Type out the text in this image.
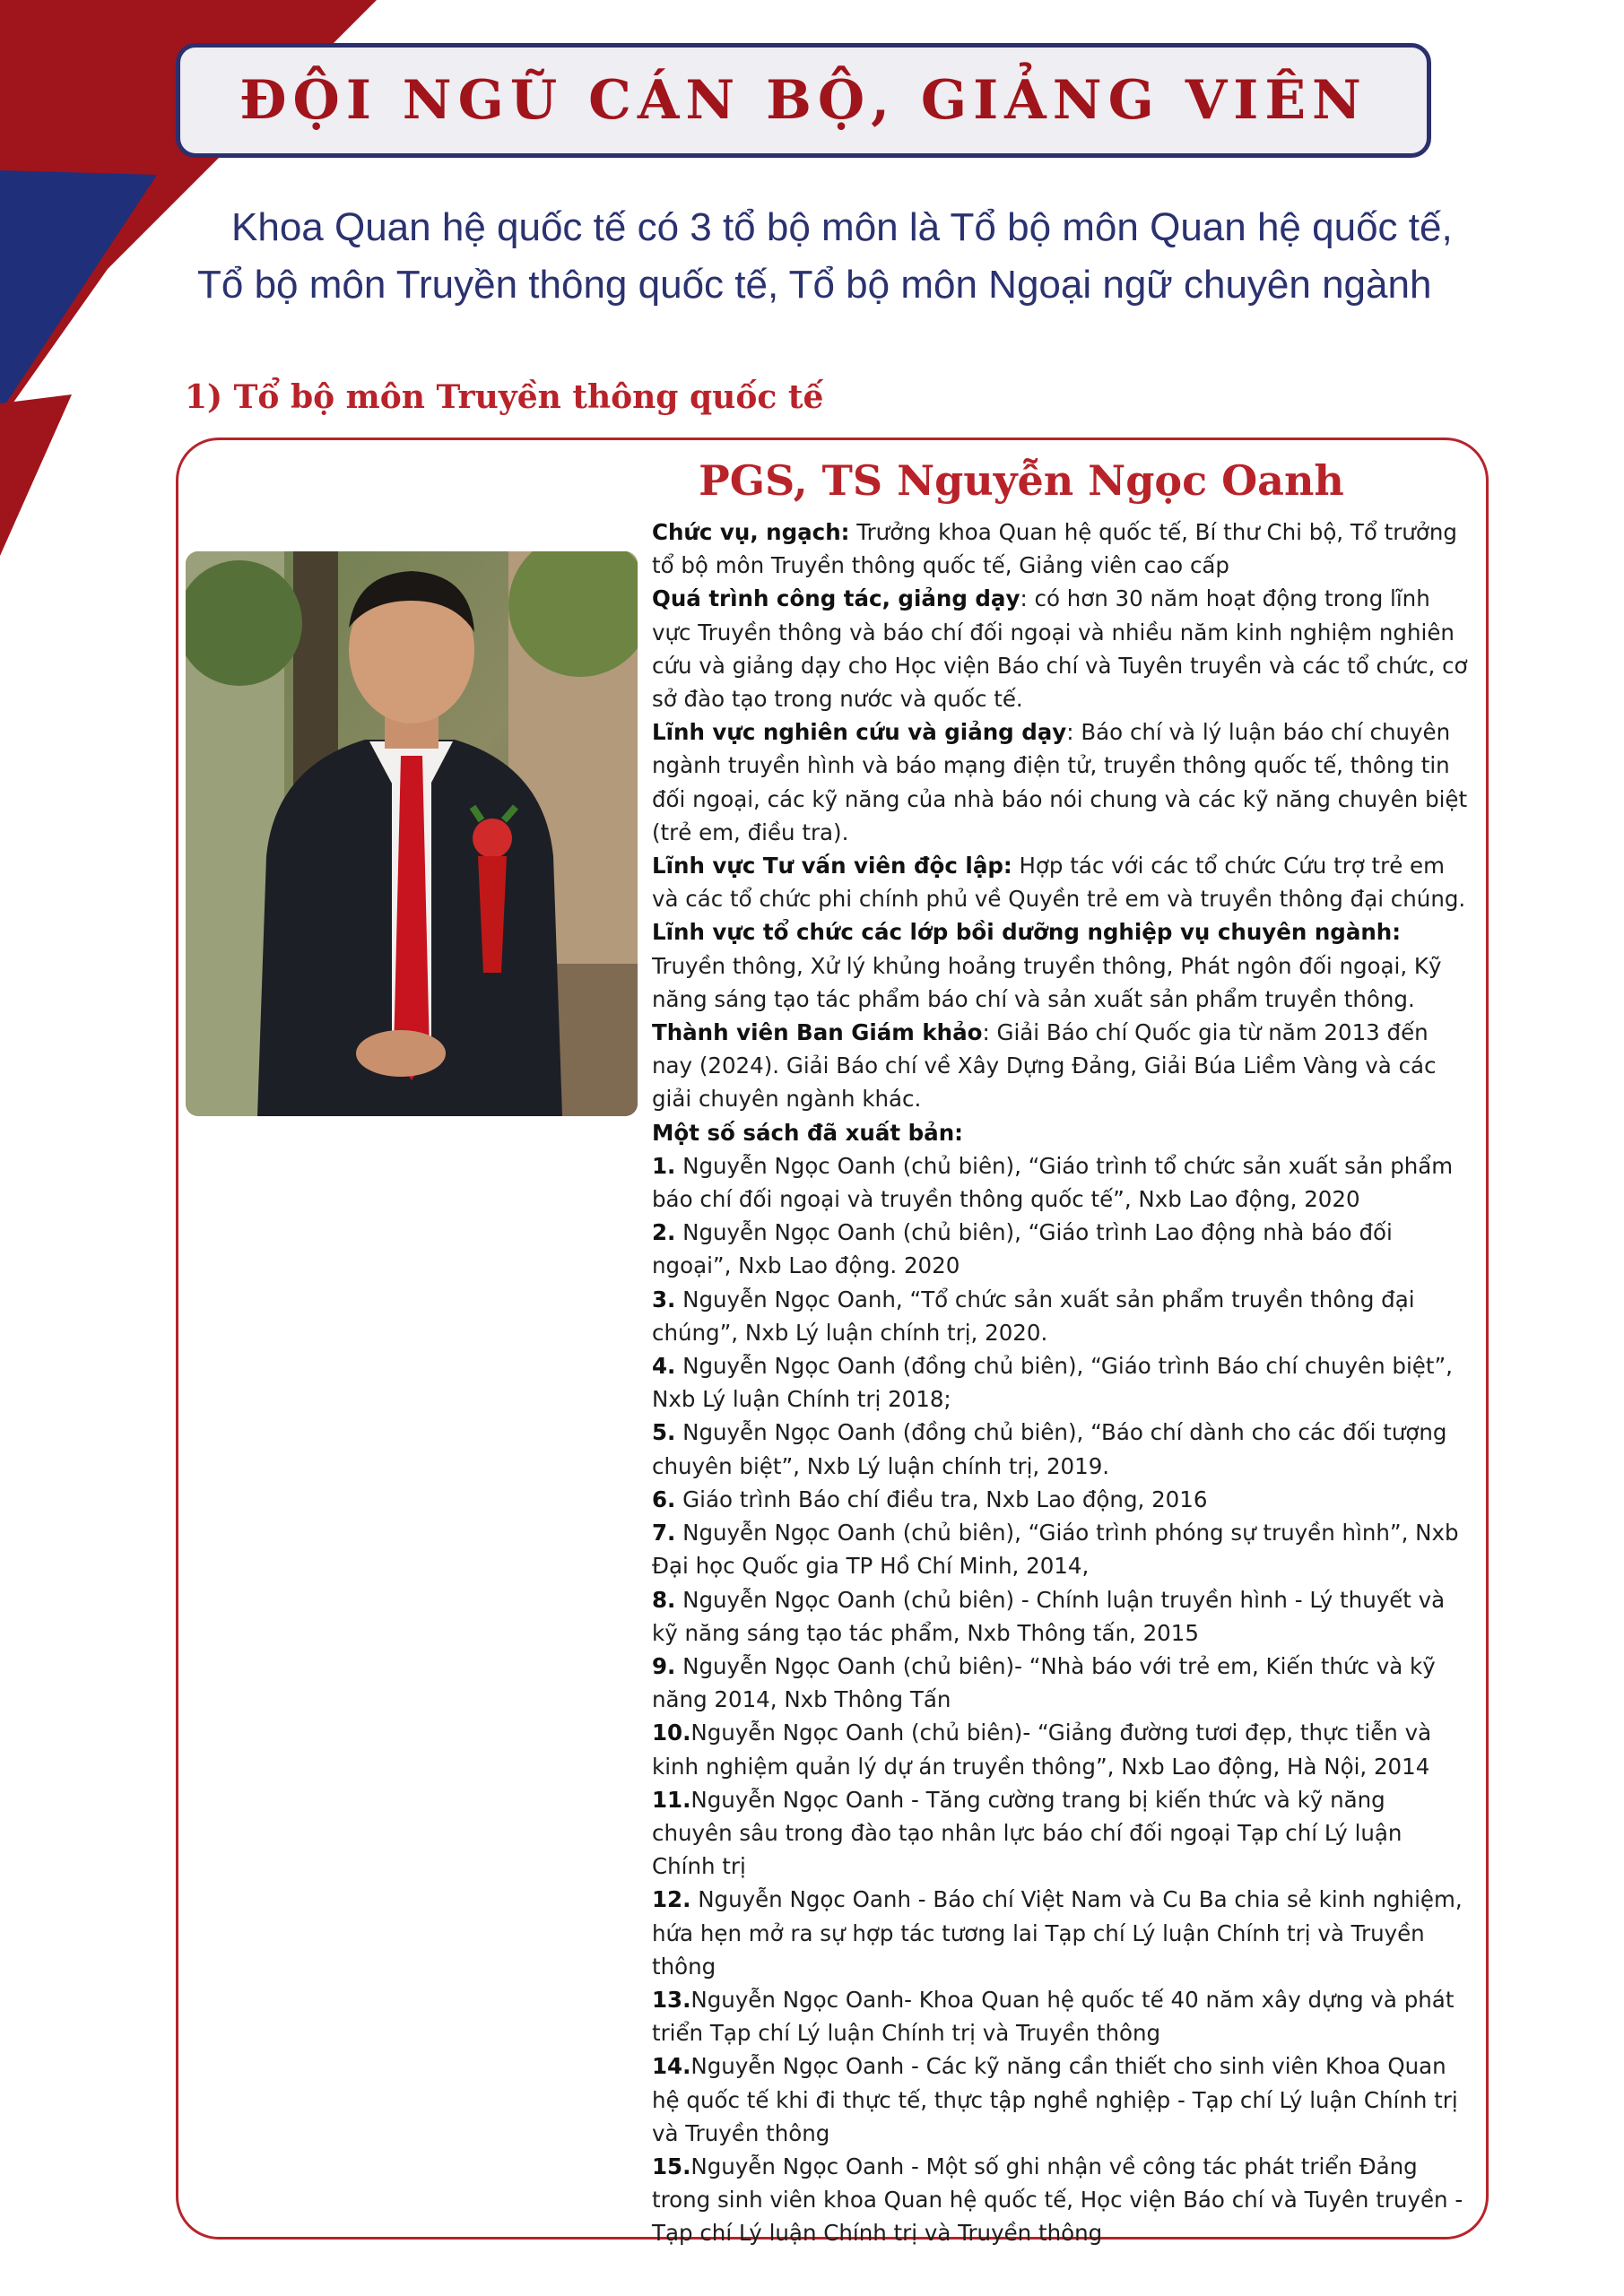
ĐỘI NGŨ CÁN BỘ, GIẢNG VIÊN
Khoa Quan hệ quốc tế có 3 tổ bộ môn là Tổ bộ môn Quan hệ quốc tế,
Tổ bộ môn Truyền thông quốc tế, Tổ bộ môn Ngoại ngữ chuyên ngành
1) Tổ bộ môn Truyền thông quốc tế
PGS, TS Nguyễn Ngọc Oanh

Chức vụ, ngạch: Trưởng khoa Quan hệ quốc tế, Bí thư Chi bộ, Tổ trưởng tổ bộ môn Truyền thông quốc tế, Giảng viên cao cấp

Quá trình công tác, giảng dạy: có hơn 30 năm hoạt động trong lĩnh vực Truyền thông và báo chí đối ngoại và nhiều năm kinh nghiệm nghiên cứu và giảng dạy cho Học viện Báo chí và Tuyên truyền và các tổ chức, cơ sở đào tạo trong nước và quốc tế.

Lĩnh vực nghiên cứu và giảng dạy: Báo chí và lý luận báo chí chuyên ngành truyền hình và báo mạng điện tử, truyền thông quốc tế, thông tin đối ngoại, các kỹ năng của nhà báo nói chung và các kỹ năng chuyên biệt (trẻ em, điều tra).

Lĩnh vực Tư vấn viên độc lập: Hợp tác với các tổ chức Cứu trợ trẻ em và các tổ chức phi chính phủ về Quyền trẻ em và truyền thông đại chúng.

Lĩnh vực tổ chức các lớp bồi dưỡng nghiệp vụ chuyên ngành: Truyền thông, Xử lý khủng hoảng truyền thông, Phát ngôn đối ngoại, Kỹ năng sáng tạo tác phẩm báo chí và sản xuất sản phẩm truyền thông.

Thành viên Ban Giám khảo: Giải Báo chí Quốc gia từ năm 2013 đến nay (2024). Giải Báo chí về Xây Dựng Đảng, Giải Búa Liềm Vàng và các giải chuyên ngành khác.

Một số sách đã xuất bản:

1. Nguyễn Ngọc Oanh (chủ biên), “Giáo trình tổ chức sản xuất sản phẩm báo chí đối ngoại và truyền thông quốc tế”, Nxb Lao động, 2020

2. Nguyễn Ngọc Oanh (chủ biên), “Giáo trình Lao động nhà báo đối ngoại”, Nxb Lao động. 2020

3. Nguyễn Ngọc Oanh, “Tổ chức sản xuất sản phẩm truyền thông đại chúng”, Nxb Lý luận chính trị, 2020.

4. Nguyễn Ngọc Oanh (đồng chủ biên), “Giáo trình Báo chí chuyên biệt”, Nxb Lý luận Chính trị 2018;

5. Nguyễn Ngọc Oanh (đồng chủ biên), “Báo chí dành cho các đối tượng chuyên biệt”, Nxb Lý luận chính trị, 2019.

6. Giáo trình Báo chí điều tra, Nxb Lao động, 2016

7. Nguyễn Ngọc Oanh (chủ biên), “Giáo trình phóng sự truyền hình”, Nxb Đại học Quốc gia TP Hồ Chí Minh, 2014,

8. Nguyễn Ngọc Oanh (chủ biên) - Chính luận truyền hình - Lý thuyết và kỹ năng sáng tạo tác phẩm, Nxb Thông tấn, 2015

9. Nguyễn Ngọc Oanh (chủ biên)- “Nhà báo với trẻ em, Kiến thức và kỹ năng 2014, Nxb Thông Tấn

10.Nguyễn Ngọc Oanh (chủ biên)- “Giảng đường tươi đẹp, thực tiễn và kinh nghiệm quản lý dự án truyền thông”, Nxb Lao động, Hà Nội, 2014

11.Nguyễn Ngọc Oanh - Tăng cường trang bị kiến thức và kỹ năng chuyên sâu trong đào tạo nhân lực báo chí đối ngoại Tạp chí Lý luận Chính trị

12. Nguyễn Ngọc Oanh - Báo chí Việt Nam và Cu Ba chia sẻ kinh nghiệm, hứa hẹn mở ra sự hợp tác tương lai Tạp chí Lý luận Chính trị và Truyền thông

13.Nguyễn Ngọc Oanh- Khoa Quan hệ quốc tế 40 năm xây dựng và phát triển Tạp chí Lý luận Chính trị và Truyền thông

14.Nguyễn Ngọc Oanh - Các kỹ năng cần thiết cho sinh viên Khoa Quan hệ quốc tế khi đi thực tế, thực tập nghề nghiệp - Tạp chí Lý luận Chính trị và Truyền thông

15.Nguyễn Ngọc Oanh - Một số ghi nhận về công tác phát triển Đảng trong sinh viên khoa Quan hệ quốc tế, Học viện Báo chí và Tuyên truyền - Tạp chí Lý luận Chính trị và Truyền thông
